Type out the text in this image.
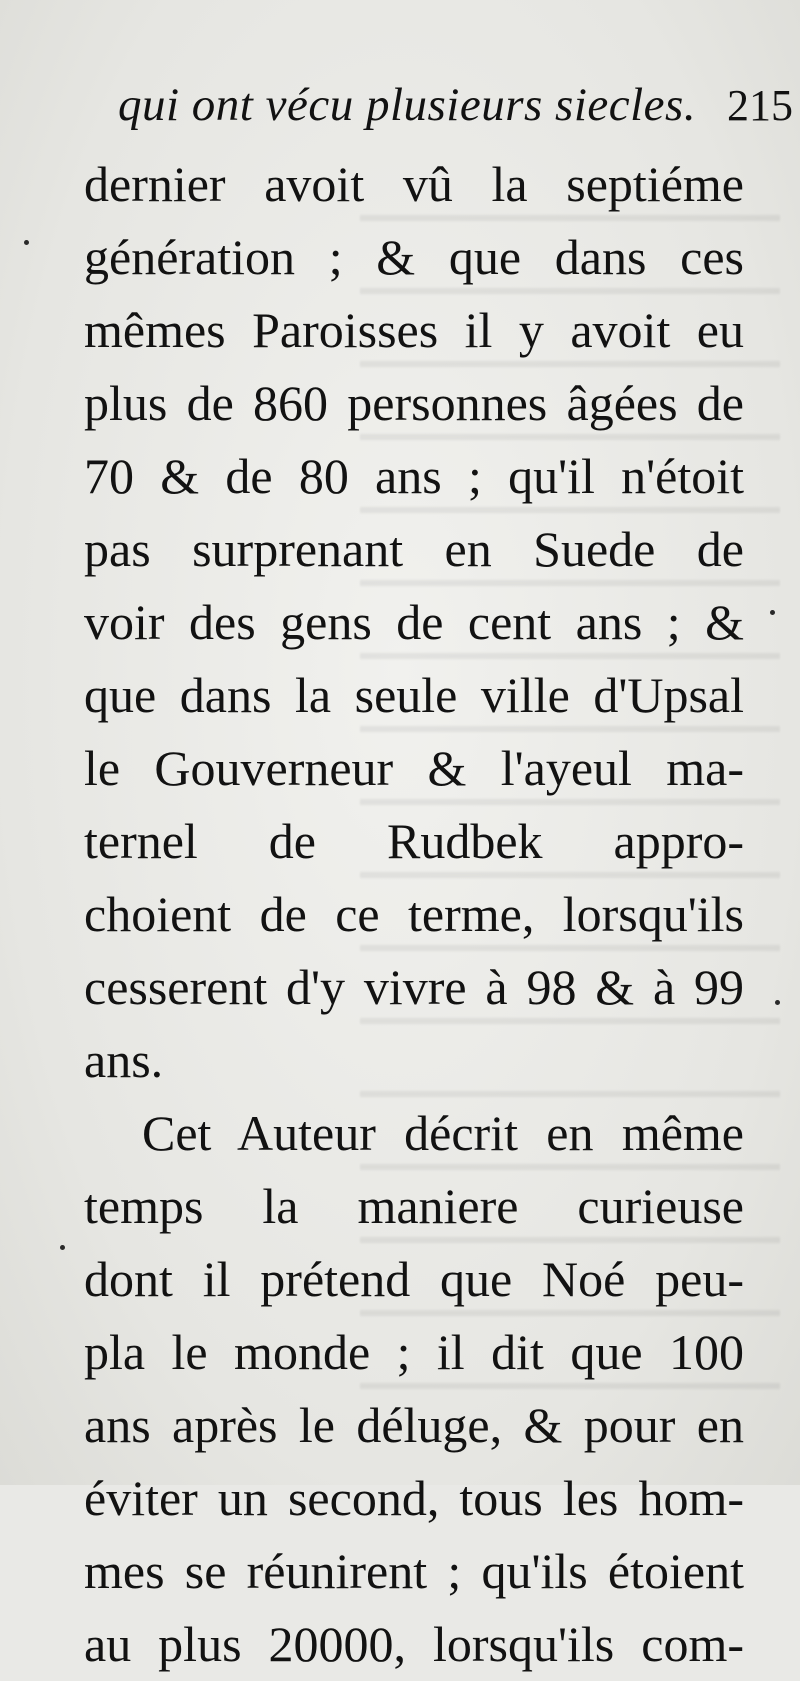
qui ont vécu plusieurs siecles. 215
dernier avoit vû la septiéme
génération ; & que dans ces
mêmes Paroisses il y avoit eu
plus de 860 personnes âgées de
70 & de 80 ans ; qu'il n'étoit
pas surprenant en Suede de
voir des gens de cent ans ; &
que dans la seule ville d'Upsal
le Gouverneur & l'ayeul ma-
ternel de Rudbek appro-
choient de ce terme, lorsqu'ils
cesserent d'y vivre à 98 & à 99
ans.
Cet Auteur décrit en même
temps la maniere curieuse
dont il prétend que Noé peu-
pla le monde ; il dit que 100
ans après le déluge, & pour en
éviter un second, tous les hom-
mes se réunirent ; qu'ils étoient
au plus 20000, lorsqu'ils com-
